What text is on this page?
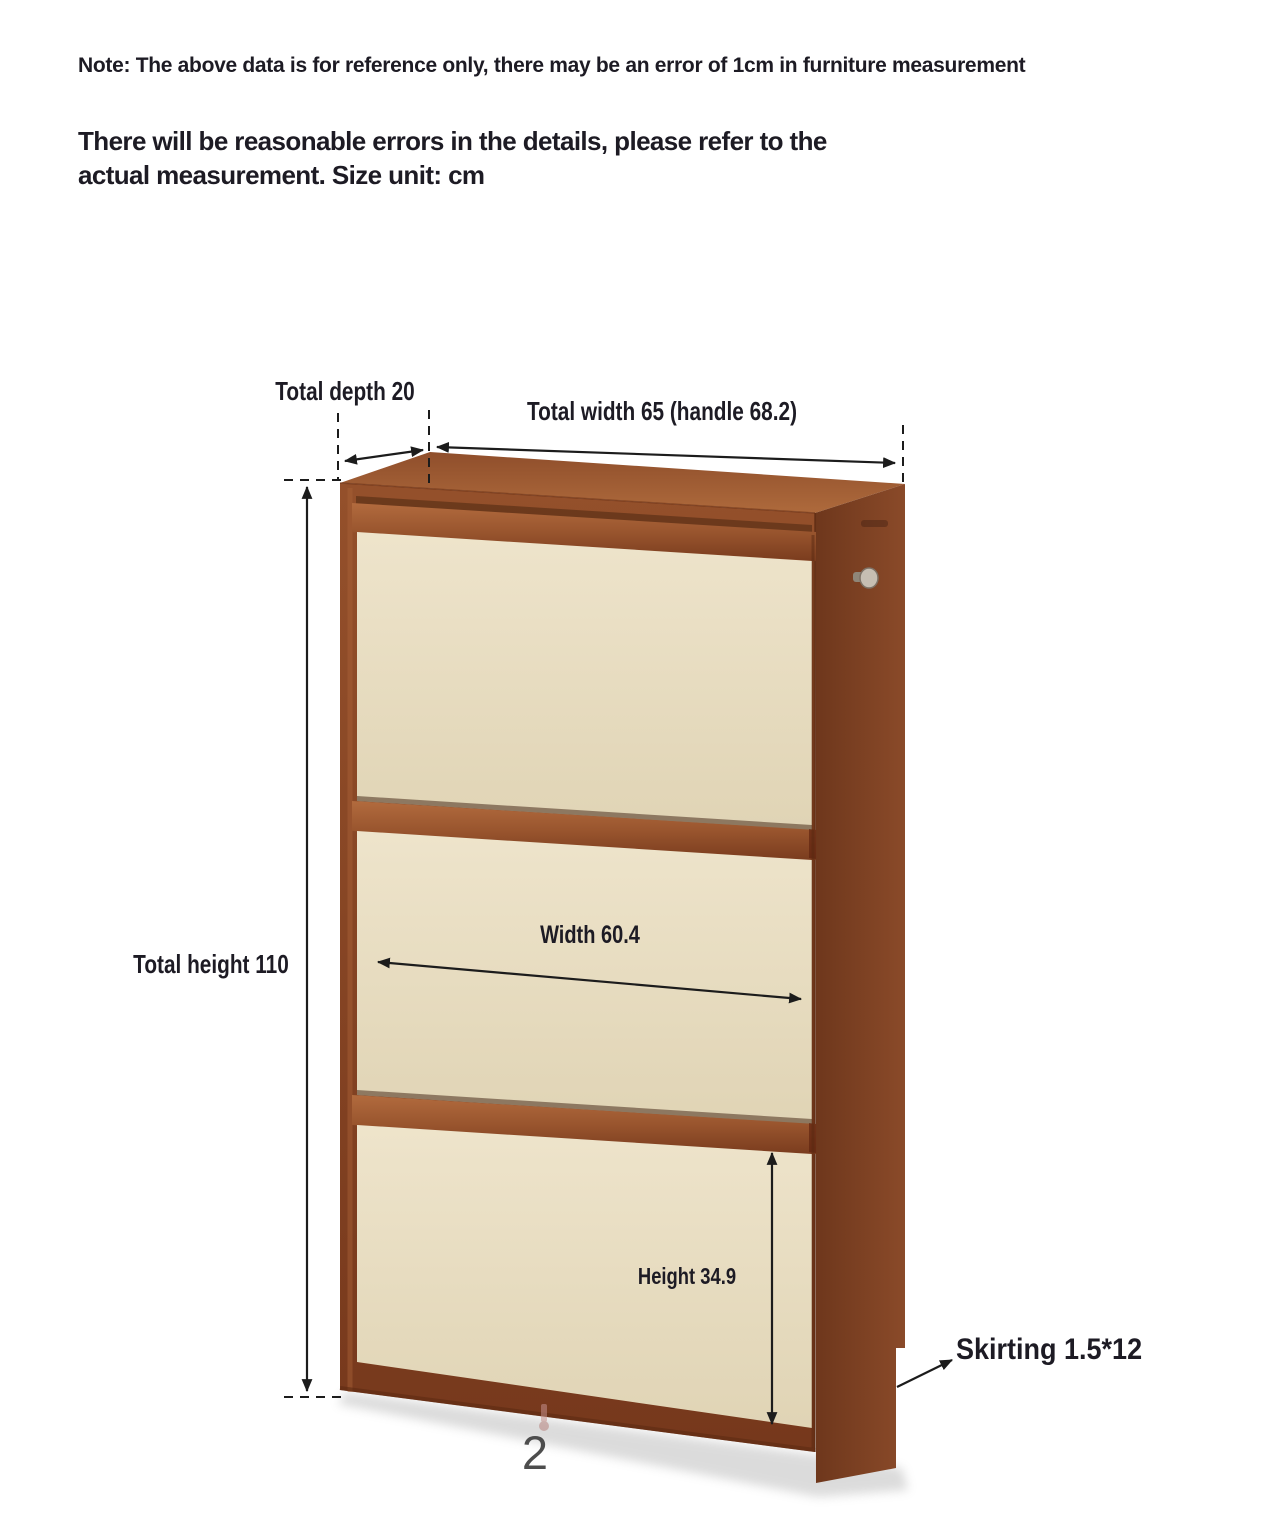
Note: The above data is for reference only, there may be an error of 1cm in furniture measurement
There will be reasonable errors in the details, please refer to the
actual measurement. Size unit: cm
Total depth 20
Total width 65 (handle 68.2)
Total height 110
Width 60.4
Height 34.9
Skirting 1.5*12
2
